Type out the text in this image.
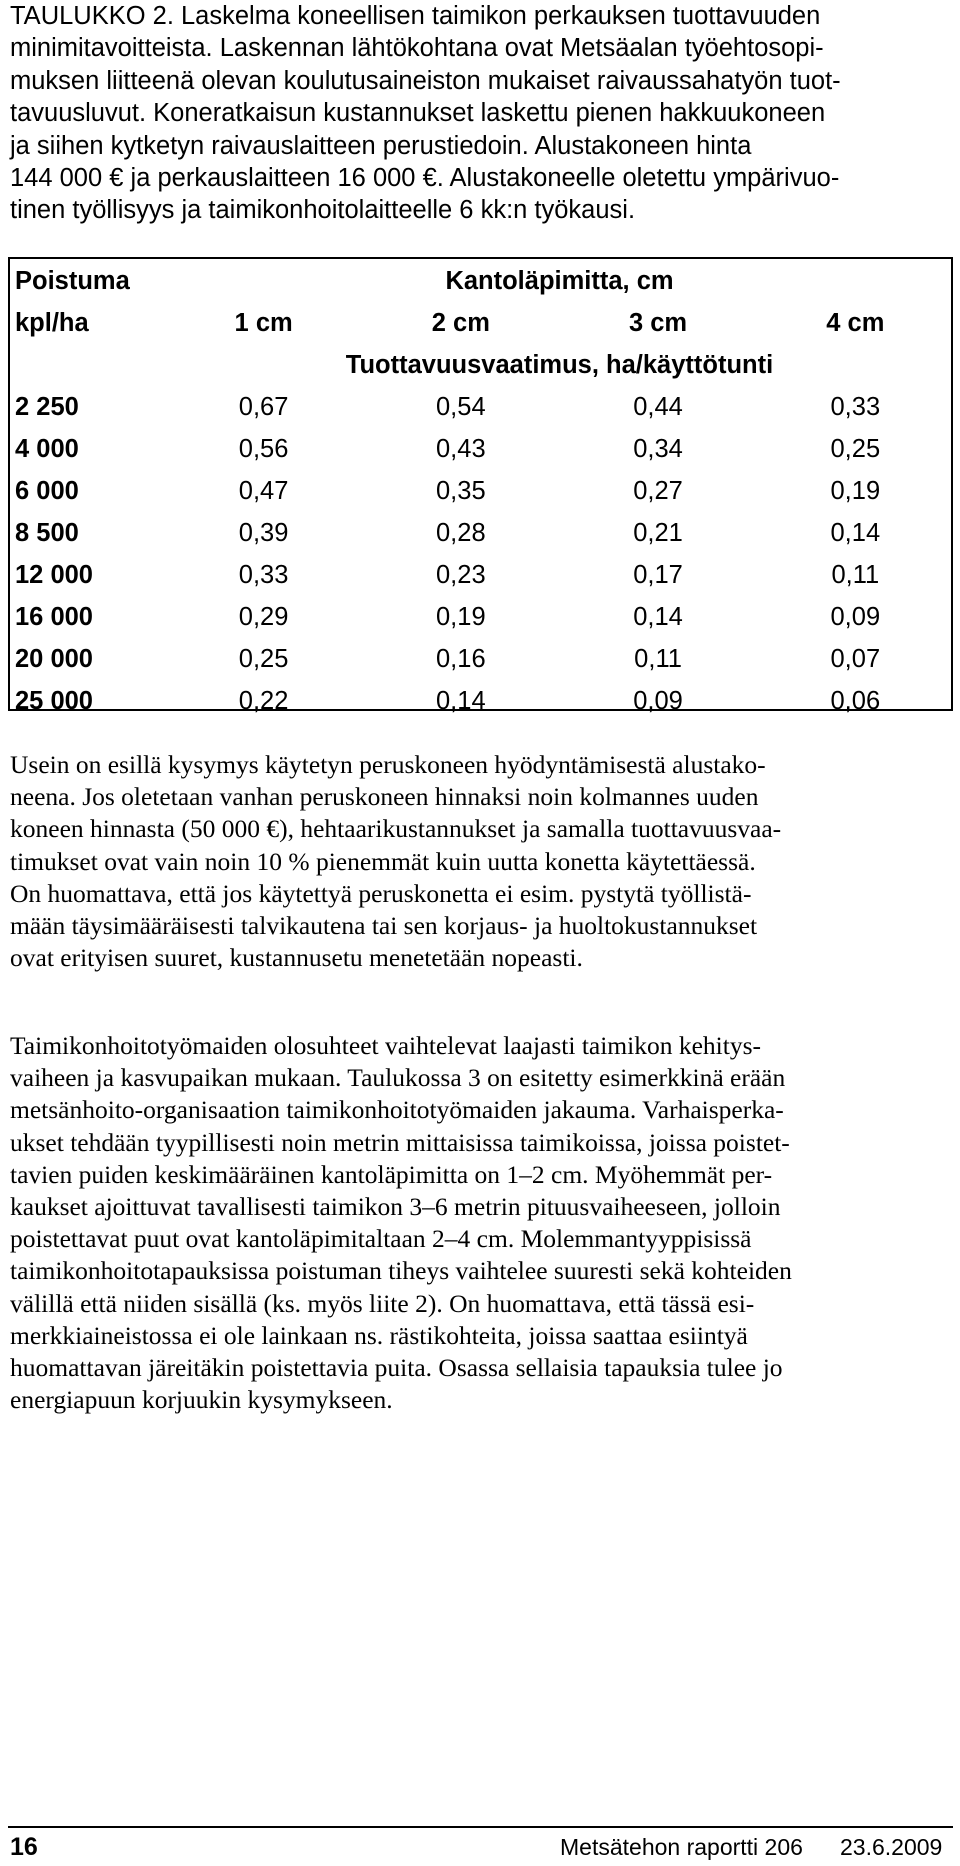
TAULUKKO 2. Laskelma koneellisen taimikon perkauksen tuottavuuden
minimitavoitteista. Laskennan lähtökohtana ovat Metsäalan työehtosopi-
muksen liitteenä olevan koulutusaineiston mukaiset raivaussahatyön tuot-
tavuusluvut. Koneratkaisun kustannukset laskettu pienen hakkuukoneen
ja siihen kytketyn raivauslaitteen perustiedoin. Alustakoneen hinta
144 000 € ja perkauslaitteen 16 000 €. Alustakoneelle oletettu ympärivuo-
tinen työllisyys ja taimikonhoitolaitteelle 6 kk:n työkausi.

Poistuma	Kantoläpimitta, cm			
kpl/ha	1 cm	2 cm	3 cm	4 cm
	Tuottavuusvaatimus, ha/käyttötunti			
2 250	0,67	0,54	0,44	0,33
4 000	0,56	0,43	0,34	0,25
6 000	0,47	0,35	0,27	0,19
8 500	0,39	0,28	0,21	0,14
12 000	0,33	0,23	0,17	0,11
16 000	0,29	0,19	0,14	0,09
20 000	0,25	0,16	0,11	0,07
25 000	0,22	0,14	0,09	0,06

Usein on esillä kysymys käytetyn peruskoneen hyödyntämisestä alustako-
neena. Jos oletetaan vanhan peruskoneen hinnaksi noin kolmannes uuden
koneen hinnasta (50 000 €), hehtaarikustannukset ja samalla tuottavuusvaa-
timukset ovat vain noin 10 % pienemmät kuin uutta konetta käytettäessä.
On huomattava, että jos käytettyä peruskonetta ei esim. pystytä työllistä-
mään täysimääräisesti talvikautena tai sen korjaus- ja huoltokustannukset
ovat erityisen suuret, kustannusetu menetetään nopeasti.

Taimikonhoitotyömaiden olosuhteet vaihtelevat laajasti taimikon kehitys-
vaiheen ja kasvupaikan mukaan. Taulukossa 3 on esitetty esimerkkinä erään
metsänhoito-organisaation taimikonhoitotyömaiden jakauma. Varhaisperka-
ukset tehdään tyypillisesti noin metrin mittaisissa taimikoissa, joissa poistet-
tavien puiden keskimääräinen kantoläpimitta on 1–2 cm. Myöhemmät per-
kaukset ajoittuvat tavallisesti taimikon 3–6 metrin pituusvaiheeseen, jolloin
poistettavat puut ovat kantoläpimitaltaan 2–4 cm. Molemmantyyppisissä
taimikonhoitotapauksissa poistuman tiheys vaihtelee suuresti sekä kohteiden
välillä että niiden sisällä (ks. myös liite 2). On huomattava, että tässä esi-
merkkiaineistossa ei ole lainkaan ns. rästikohteita, joissa saattaa esiintyä
huomattavan järeitäkin poistettavia puita. Osassa sellaisia tapauksia tulee jo
energiapuun korjuukin kysymykseen.

16	Metsätehon raportti 206 23.6.2009
